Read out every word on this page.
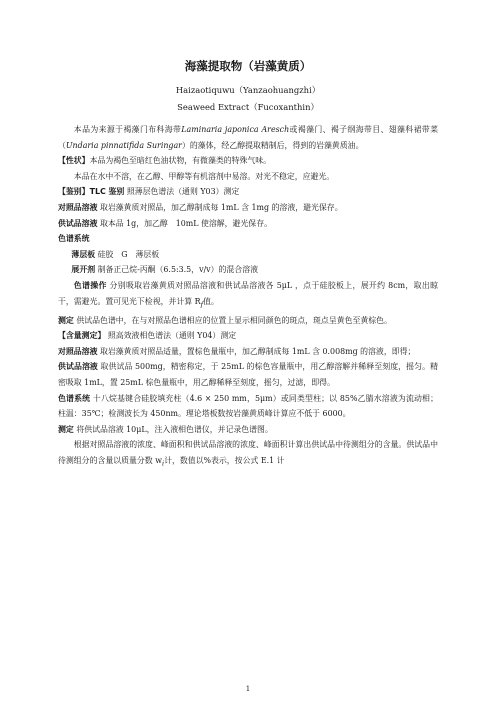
海藻提取物（岩藻黄质）
Haizaotiquwu（Yanzaohuangzhi）
Seaweed Extract（Fucoxanthin）

本品为来源于褐藻门布科海带Laminaria japonica Aresch或褐藻门、褐子纲海带目、翅藻科裙带菜（Undaria pinnatifida Suringar）的藻体，经乙醇提取精制后，得到的岩藻黄质油。

【性状】本品为褐色至暗红色油状物，有微藻类的特殊气味。

本品在水中不溶，在乙醇、甲醇等有机溶剂中易溶。对光不稳定，应避光。

【鉴别】TLC 鉴别 照薄层色谱法（通则 Y03）测定

对照品溶液 取岩藻黄质对照品，加乙醇制成每 1mL 含 1mg 的溶液，避光保存。

供试品溶液 取本品 1g，加乙醇　10mL 使溶解，避光保存。

色谱系统

薄层板 硅胶　G　薄层板

展开剂 制备正己烷-丙酮（6.5:3.5，v/v）的混合溶液

色谱操作 分别吸取岩藻黄质对照品溶液和供试品溶液各 5μL ，点于硅胶板上，展开约 8cm，取出晾干，需避光。置可见光下检视，并计算 $R_f$值。

测定 供试品色谱中，在与对照品色谱相应的位置上显示相同颜色的斑点，斑点呈黄色至黄棕色。

【含量测定】 照高效液相色谱法（通则 Y04）测定

对照品溶液 取岩藻黄质对照品适量，置棕色量瓶中，加乙醇制成每 1mL 含 0.008mg 的溶液，即得；

供试品溶液 取供试品 500mg，精密称定，于 25mL 的棕色容量瓶中，用乙醇溶解并稀释至刻度，摇匀。精密吸取 1mL，置 25mL 棕色量瓶中，用乙醇稀释至刻度，摇匀，过滤，即得。

色谱系统 十八烷基键合硅胶填充柱（4.6 × 250 mm，5μm）或同类型柱；以 85%乙腈水溶液为流动相；柱温：35℃；检测波长为 450nm。理论塔板数按岩藻黄质峰计算应不低于 6000。

测定 将供试品溶液 10μL，注入液相色谱仪，并记录色谱图。

根据对照品溶液的浓度、峰面积和供试品溶液的浓度、峰面积计算出供试品中待测组分的含量。供试品中待测组分的含量以质量分数 $w_i$计，数值以%表示，按公式 E.1 计

1
